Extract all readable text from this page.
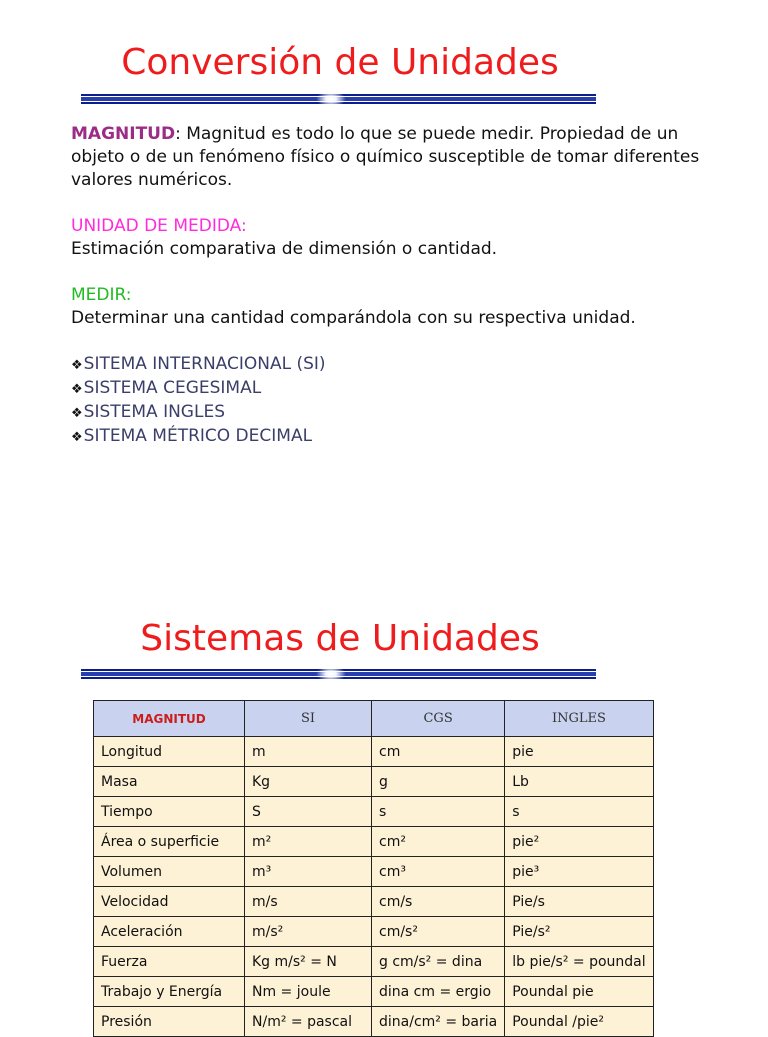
Conversión de Unidades

MAGNITUD: Magnitud es todo lo que se puede medir. Propiedad de un objeto o de un fenómeno físico o químico susceptible de tomar diferentes valores numéricos.

UNIDAD DE MEDIDA:

Estimación comparativa de dimensión o cantidad.

MEDIR:

Determinar una cantidad comparándola con su respectiva unidad.

❖SITEMA INTERNACIONAL (SI)
❖SISTEMA CEGESIMAL
❖SISTEMA INGLES
❖SITEMA MÉTRICO DECIMAL
Sistemas de Unidades
MAGNITUD	SI	CGS	INGLES
Longitud	m	cm	pie
Masa	Kg	g	Lb
Tiempo	S	s	s
Área o superficie	m²	cm²	pie²
Volumen	m³	cm³	pie³
Velocidad	m/s	cm/s	Pie/s
Aceleración	m/s²	cm/s²	Pie/s²
Fuerza	Kg m/s² = N	g cm/s² = dina	lb pie/s² = poundal
Trabajo y Energía	Nm = joule	dina cm = ergio	Poundal pie
Presión	N/m² = pascal	dina/cm² = baria	Poundal /pie²
